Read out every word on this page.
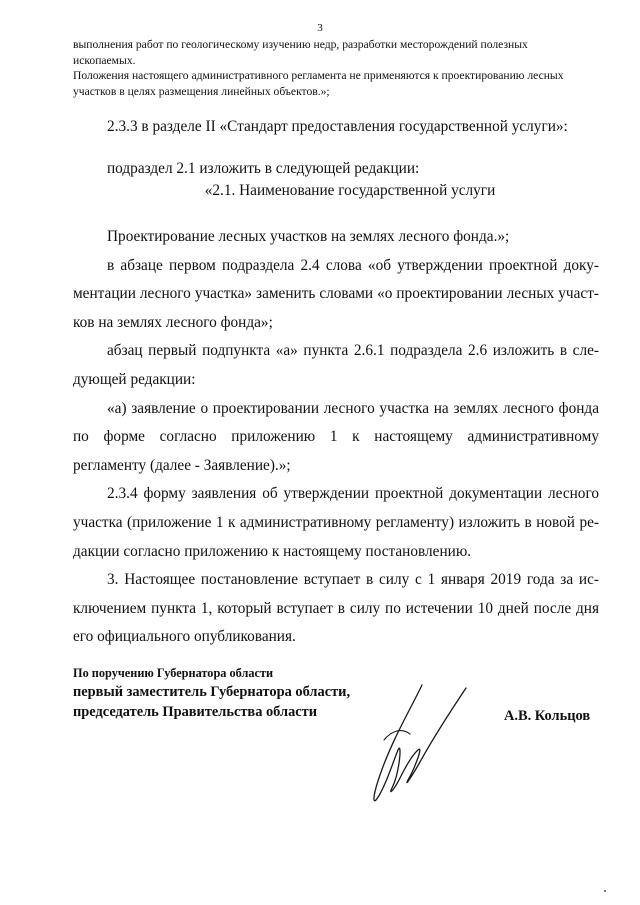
3

выполнения работ по геологическому изучению недр, разработки месторождений полезных ископаемых.

Положения настоящего административного регламента не применяются к проектированию лесных участков в целях размещения линейных объектов.»;

2.3.3 в разделе II «Стандарт предоставления государственной услуги»:

подраздел 2.1 изложить в следующей редакции:

«2.1. Наименование государственной услуги

Проектирование лесных участков на землях лесного фонда.»;

в абзаце первом подраздела 2.4 слова «об утверждении проектной документации лесного участка» заменить словами «о проектировании лесных участков на землях лесного фонда»;

абзац первый подпункта «а» пункта 2.6.1 подраздела 2.6 изложить в следующей редакции:

«а) заявление о проектировании лесного участка на землях лесного фонда по форме согласно приложению 1 к настоящему административному регламенту (далее - Заявление).»;

2.3.4 форму заявления об утверждении проектной документации лесного участка (приложение 1 к административному регламенту) изложить в новой редакции согласно приложению к настоящему постановлению.

3. Настоящее постановление вступает в силу с 1 января 2019 года за исключением пункта 1, который вступает в силу по истечении 10 дней после дня его официального опубликования.

По поручению Губернатора области
первый заместитель Губернатора области,
председатель Правительства области	А.В. Кольцов
